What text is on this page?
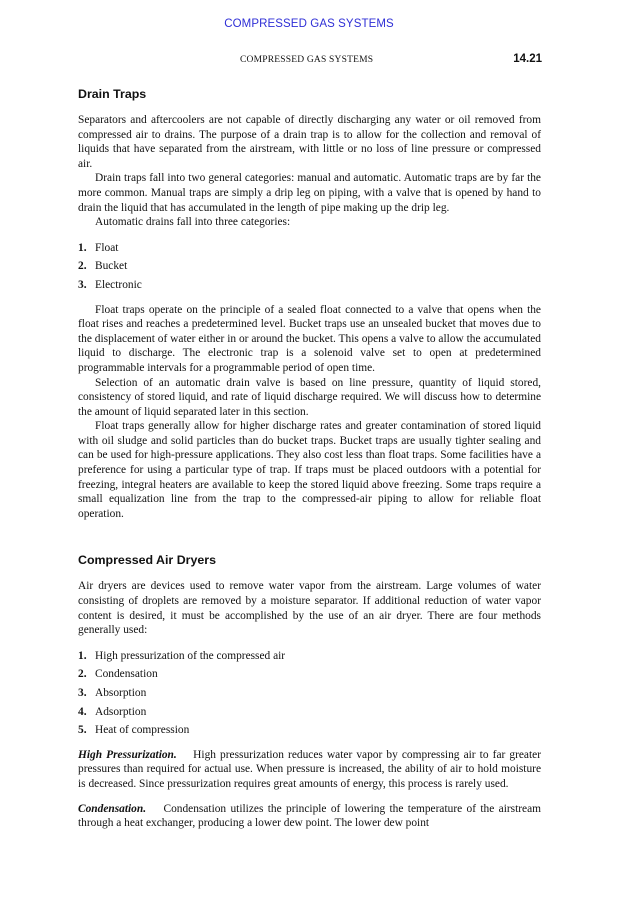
COMPRESSED GAS SYSTEMS
COMPRESSED GAS SYSTEMS	14.21
Drain Traps

Separators and aftercoolers are not capable of directly discharging any water or oil removed from compressed air to drains. The purpose of a drain trap is to allow for the collection and removal of liquids that have separated from the airstream, with little or no loss of line pressure or compressed air.

Drain traps fall into two general categories: manual and automatic. Automatic traps are by far the more common. Manual traps are simply a drip leg on piping, with a valve that is opened by hand to drain the liquid that has accumulated in the length of pipe making up the drip leg.

Automatic drains fall into three categories:

1. Float
2. Bucket
3. Electronic

Float traps operate on the principle of a sealed float connected to a valve that opens when the float rises and reaches a predetermined level. Bucket traps use an unsealed bucket that moves due to the displacement of water either in or around the bucket. This opens a valve to allow the accumulated liquid to discharge. The electronic trap is a solenoid valve set to open at predetermined programmable intervals for a programmable period of open time.

Selection of an automatic drain valve is based on line pressure, quantity of liquid stored, consistency of stored liquid, and rate of liquid discharge required. We will discuss how to determine the amount of liquid separated later in this section.

Float traps generally allow for higher discharge rates and greater contamination of stored liquid with oil sludge and solid particles than do bucket traps. Bucket traps are usually tighter sealing and can be used for high-pressure applications. They also cost less than float traps. Some facilities have a preference for using a particular type of trap. If traps must be placed outdoors with a potential for freezing, integral heaters are available to keep the stored liquid above freezing. Some traps require a small equalization line from the trap to the compressed-air piping to allow for reliable float operation.

Compressed Air Dryers

Air dryers are devices used to remove water vapor from the airstream. Large volumes of water consisting of droplets are removed by a moisture separator. If additional reduction of water vapor content is desired, it must be accomplished by the use of an air dryer. There are four methods generally used:

1. High pressurization of the compressed air
2. Condensation
3. Absorption
4. Adsorption
5. Heat of compression

High Pressurization. High pressurization reduces water vapor by compressing air to far greater pressures than required for actual use. When pressure is increased, the ability of air to hold moisture is decreased. Since pressurization requires great amounts of energy, this process is rarely used.

Condensation. Condensation utilizes the principle of lowering the temperature of the airstream through a heat exchanger, producing a lower dew point. The lower dew point
